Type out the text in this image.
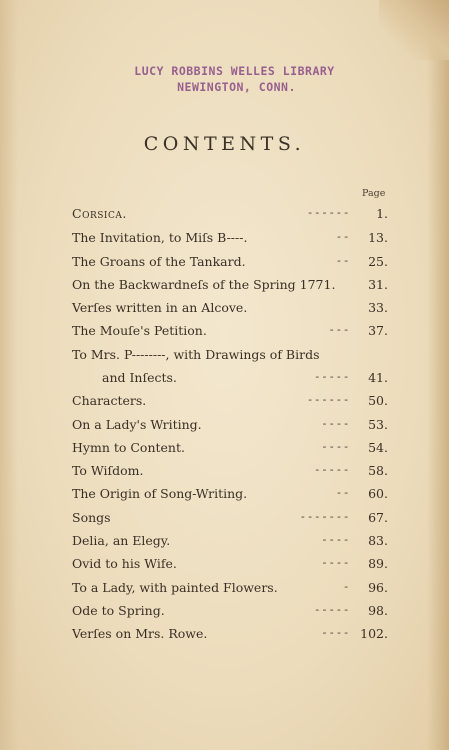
LUCY ROBBINS WELLES LIBRARY
NEWINGTON, CONN.
CONTENTS.
Page
Corsica.	- - - - - - 1.
The Invitation, to Miſs B----.	- - 13.
The Groans of the Tankard.	- - 25.
On the Backwardneſs of the Spring 1771.	31.
Verſes written in an Alcove.	33.
The Mouſe's Petition.	- - - 37.
To Mrs. P--------, with Drawings of Birds
and Inſects.	- - - - - 41.
Characters.	- - - - - - 50.
On a Lady's Writing.	- - - - 53.
Hymn to Content.	- - - - 54.
To Wiſdom.	- - - - - 58.
The Origin of Song-Writing.	- - 60.
Songs	- - - - - - - 67.
Delia, an Elegy.	- - - - 83.
Ovid to his Wife.	- - - - 89.
To a Lady, with painted Flowers.	- 96.
Ode to Spring.	- - - - - 98.
Verſes on Mrs. Rowe.	- - - - 102.
